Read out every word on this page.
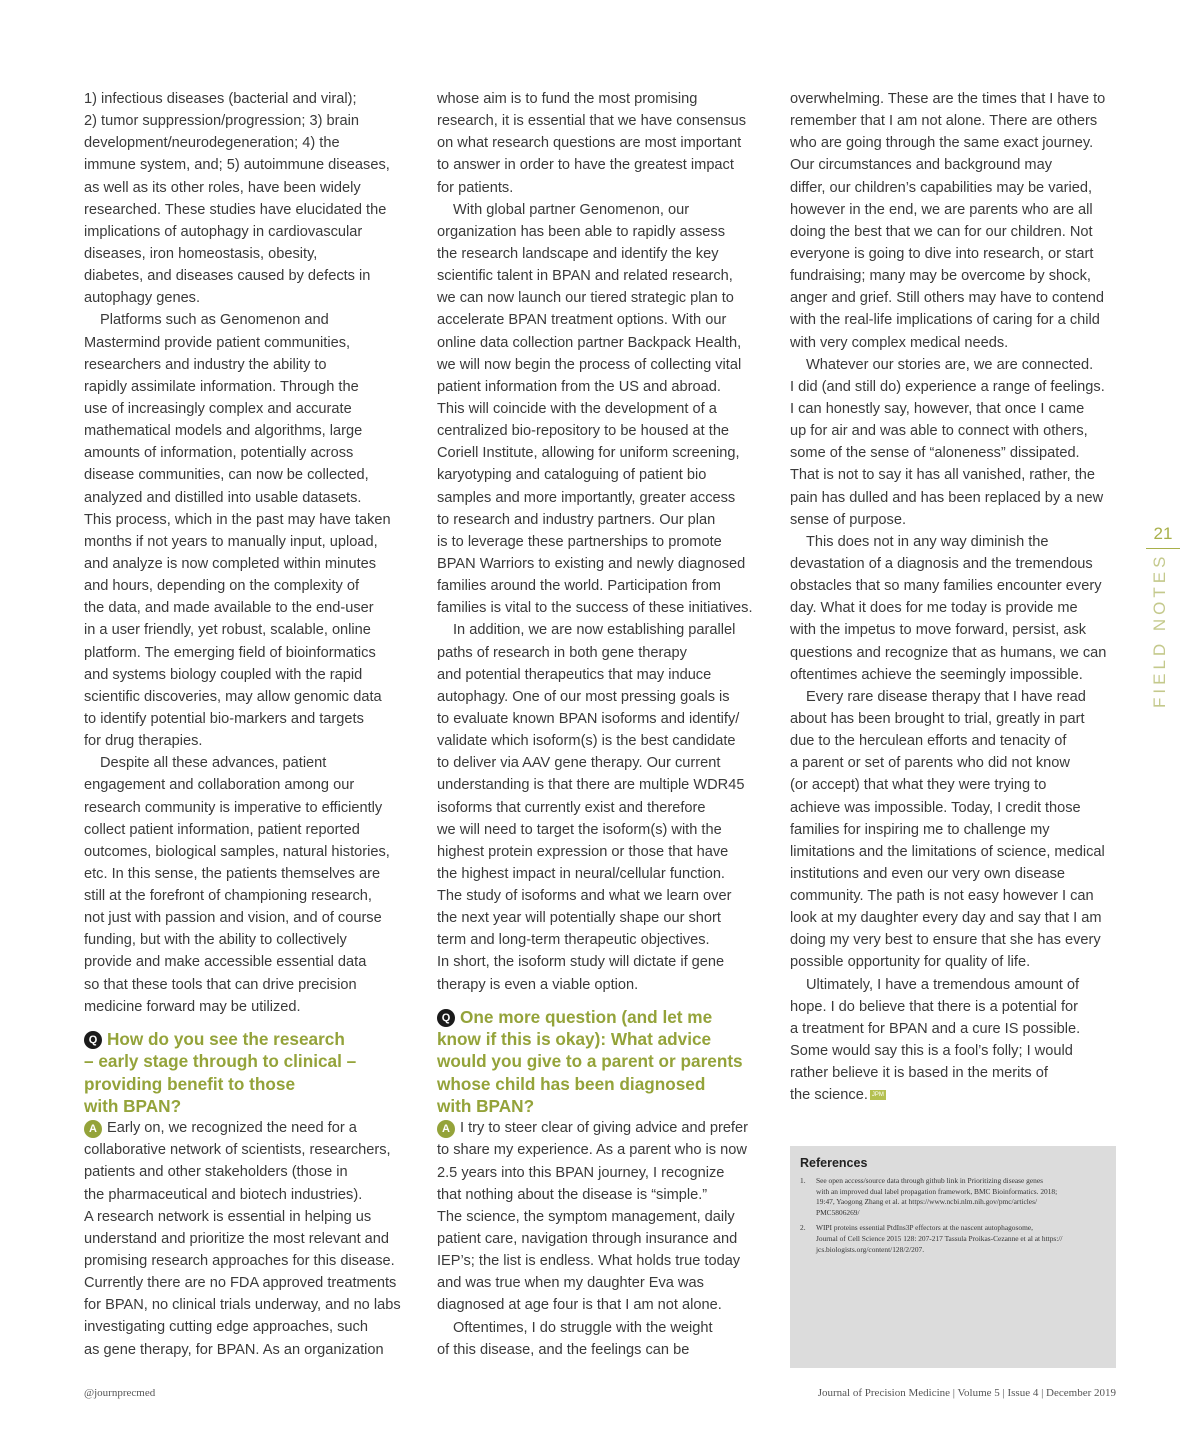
1) infectious diseases (bacterial and viral);
2) tumor suppression/progression; 3) brain
development/neurodegeneration; 4) the
immune system, and; 5) autoimmune diseases,
as well as its other roles, have been widely
researched. These studies have elucidated the
implications of autophagy in cardiovascular
diseases, iron homeostasis, obesity,
diabetes, and diseases caused by defects in
autophagy genes.
Platforms such as Genomenon and
Mastermind provide patient communities,
researchers and industry the ability to
rapidly assimilate information. Through the
use of increasingly complex and accurate
mathematical models and algorithms, large
amounts of information, potentially across
disease communities, can now be collected,
analyzed and distilled into usable datasets.
This process, which in the past may have taken
months if not years to manually input, upload,
and analyze is now completed within minutes
and hours, depending on the complexity of
the data, and made available to the end-user
in a user friendly, yet robust, scalable, online
platform. The emerging field of bioinformatics
and systems biology coupled with the rapid
scientific discoveries, may allow genomic data
to identify potential bio-markers and targets
for drug therapies.
Despite all these advances, patient
engagement and collaboration among our
research community is imperative to efficiently
collect patient information, patient reported
outcomes, biological samples, natural histories,
etc. In this sense, the patients themselves are
still at the forefront of championing research,
not just with passion and vision, and of course
funding, but with the ability to collectively
provide and make accessible essential data
so that these tools that can drive precision
medicine forward may be utilized.
Q How do you see the research
– early stage through to clinical –
providing benefit to those
with BPAN?
A Early on, we recognized the need for a
collaborative network of scientists, researchers,
patients and other stakeholders (those in
the pharmaceutical and biotech industries).
A research network is essential in helping us
understand and prioritize the most relevant and
promising research approaches for this disease.
Currently there are no FDA approved treatments
for BPAN, no clinical trials underway, and no labs
investigating cutting edge approaches, such
as gene therapy, for BPAN. As an organization
whose aim is to fund the most promising
research, it is essential that we have consensus
on what research questions are most important
to answer in order to have the greatest impact
for patients.
With global partner Genomenon, our
organization has been able to rapidly assess
the research landscape and identify the key
scientific talent in BPAN and related research,
we can now launch our tiered strategic plan to
accelerate BPAN treatment options. With our
online data collection partner Backpack Health,
we will now begin the process of collecting vital
patient information from the US and abroad.
This will coincide with the development of a
centralized bio-repository to be housed at the
Coriell Institute, allowing for uniform screening,
karyotyping and cataloguing of patient bio
samples and more importantly, greater access
to research and industry partners. Our plan
is to leverage these partnerships to promote
BPAN Warriors to existing and newly diagnosed
families around the world. Participation from
families is vital to the success of these initiatives.
In addition, we are now establishing parallel
paths of research in both gene therapy
and potential therapeutics that may induce
autophagy. One of our most pressing goals is
to evaluate known BPAN isoforms and identify/
validate which isoform(s) is the best candidate
to deliver via AAV gene therapy. Our current
understanding is that there are multiple WDR45
isoforms that currently exist and therefore
we will need to target the isoform(s) with the
highest protein expression or those that have
the highest impact in neural/cellular function.
The study of isoforms and what we learn over
the next year will potentially shape our short
term and long-term therapeutic objectives.
In short, the isoform study will dictate if gene
therapy is even a viable option.
Q One more question (and let me
know if this is okay): What advice
would you give to a parent or parents
whose child has been diagnosed
with BPAN?
A I try to steer clear of giving advice and prefer
to share my experience. As a parent who is now
2.5 years into this BPAN journey, I recognize
that nothing about the disease is “simple.”
The science, the symptom management, daily
patient care, navigation through insurance and
IEP’s; the list is endless. What holds true today
and was true when my daughter Eva was
diagnosed at age four is that I am not alone.
Oftentimes, I do struggle with the weight
of this disease, and the feelings can be
overwhelming. These are the times that I have to
remember that I am not alone. There are others
who are going through the same exact journey.
Our circumstances and background may
differ, our children’s capabilities may be varied,
however in the end, we are parents who are all
doing the best that we can for our children. Not
everyone is going to dive into research, or start
fundraising; many may be overcome by shock,
anger and grief. Still others may have to contend
with the real-life implications of caring for a child
with very complex medical needs.
Whatever our stories are, we are connected.
I did (and still do) experience a range of feelings.
I can honestly say, however, that once I came
up for air and was able to connect with others,
some of the sense of “aloneness” dissipated.
That is not to say it has all vanished, rather, the
pain has dulled and has been replaced by a new
sense of purpose.
This does not in any way diminish the
devastation of a diagnosis and the tremendous
obstacles that so many families encounter every
day. What it does for me today is provide me
with the impetus to move forward, persist, ask
questions and recognize that as humans, we can
oftentimes achieve the seemingly impossible.
Every rare disease therapy that I have read
about has been brought to trial, greatly in part
due to the herculean efforts and tenacity of
a parent or set of parents who did not know
(or accept) that what they were trying to
achieve was impossible. Today, I credit those
families for inspiring me to challenge my
limitations and the limitations of science, medical
institutions and even our very own disease
community. The path is not easy however I can
look at my daughter every day and say that I am
doing my very best to ensure that she has every
possible opportunity for quality of life.
Ultimately, I have a tremendous amount of
hope. I do believe that there is a potential for
a treatment for BPAN and a cure IS possible.
Some would say this is a fool’s folly; I would
rather believe it is based in the merits of
the science. JPM
21
FIELD NOTES
References
1.	See open access/source data through github link in Prioritizing disease genes
with an improved dual label propagation framework, BMC Bioinformatics. 2018;
19:47, Yaogong Zhang et al. at https://www.ncbi.nlm.nih.gov/pmc/articles/
PMC5806269/
2.	WIPI proteins essential PtdIns3P effectors at the nascent autophagosome,
Journal of Cell Science 2015 128: 207-217 Tassula Proikas-Cezanne et al at https://
jcs.biologists.org/content/128/2/207.
@journprecmed	Journal of Precision Medicine | Volume 5 | Issue 4 | December 2019
